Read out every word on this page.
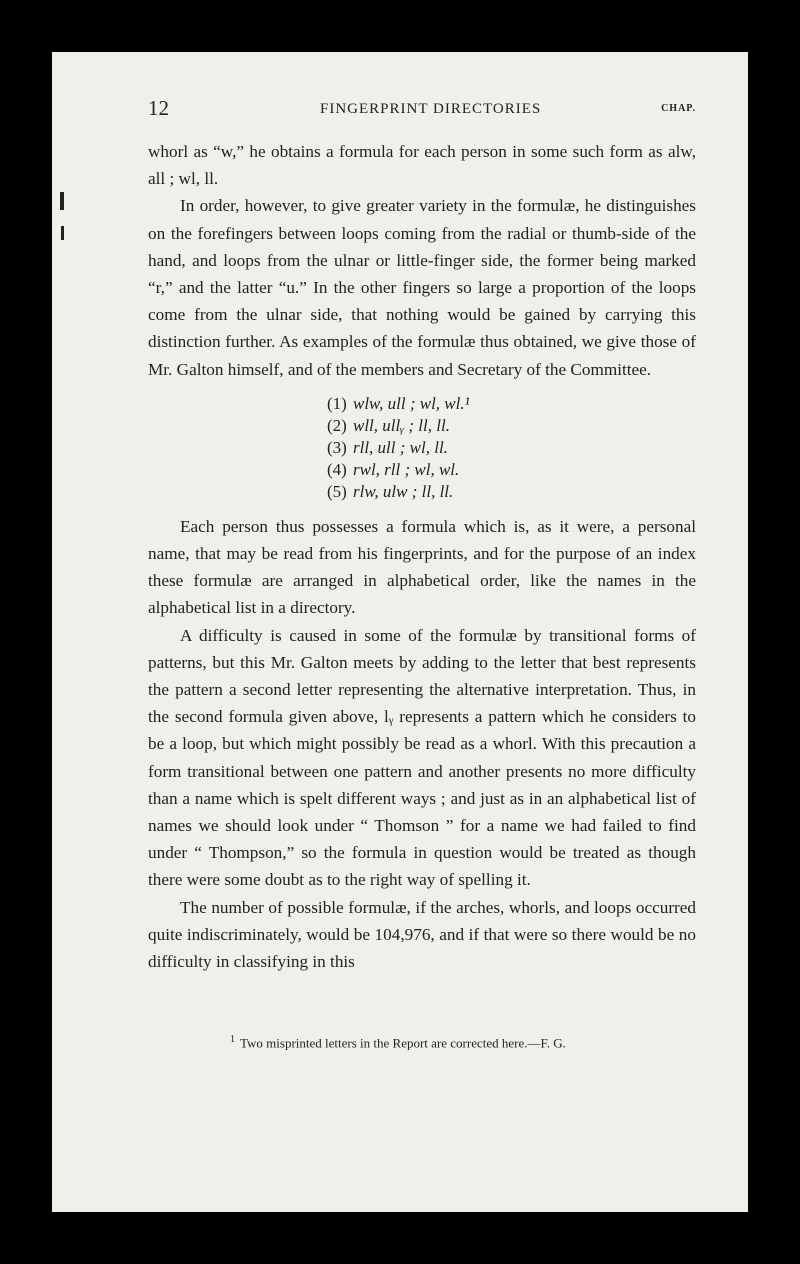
12	FINGERPRINT DIRECTORIES	CHAP.

whorl as “w,” he obtains a formula for each person in some such form as alw, all ; wl, ll.

In order, however, to give greater variety in the formulæ, he distinguishes on the forefingers between loops coming from the radial or thumb-side of the hand, and loops from the ulnar or little-finger side, the former being marked “r,” and the latter “u.” In the other fingers so large a proportion of the loops come from the ulnar side, that nothing would be gained by carrying this distinction further. As examples of the formulæ thus obtained, we give those of Mr. Galton himself, and of the members and Secretary of the Committee.

(1) wlw, ull ; wl, wl.¹
(2) wll, ullᵧ ; ll, ll.
(3) rll, ull ; wl, ll.
(4) rwl, rll ; wl, wl.
(5) rlw, ulw ; ll, ll.

Each person thus possesses a formula which is, as it were, a personal name, that may be read from his fingerprints, and for the purpose of an index these formulæ are arranged in alphabetical order, like the names in the alphabetical list in a directory.

A difficulty is caused in some of the formulæ by transitional forms of patterns, but this Mr. Galton meets by adding to the letter that best represents the pattern a second letter representing the alternative interpretation. Thus, in the second formula given above, lᵧ represents a pattern which he considers to be a loop, but which might possibly be read as a whorl. With this precaution a form transitional between one pattern and another presents no more difficulty than a name which is spelt different ways ; and just as in an alphabetical list of names we should look under “ Thomson ” for a name we had failed to find under “ Thompson,” so the formula in question would be treated as though there were some doubt as to the right way of spelling it.

The number of possible formulæ, if the arches, whorls, and loops occurred quite indiscriminately, would be 104,976, and if that were so there would be no difficulty in classifying in this

$^1$ Two misprinted letters in the Report are corrected here.—F. G.
